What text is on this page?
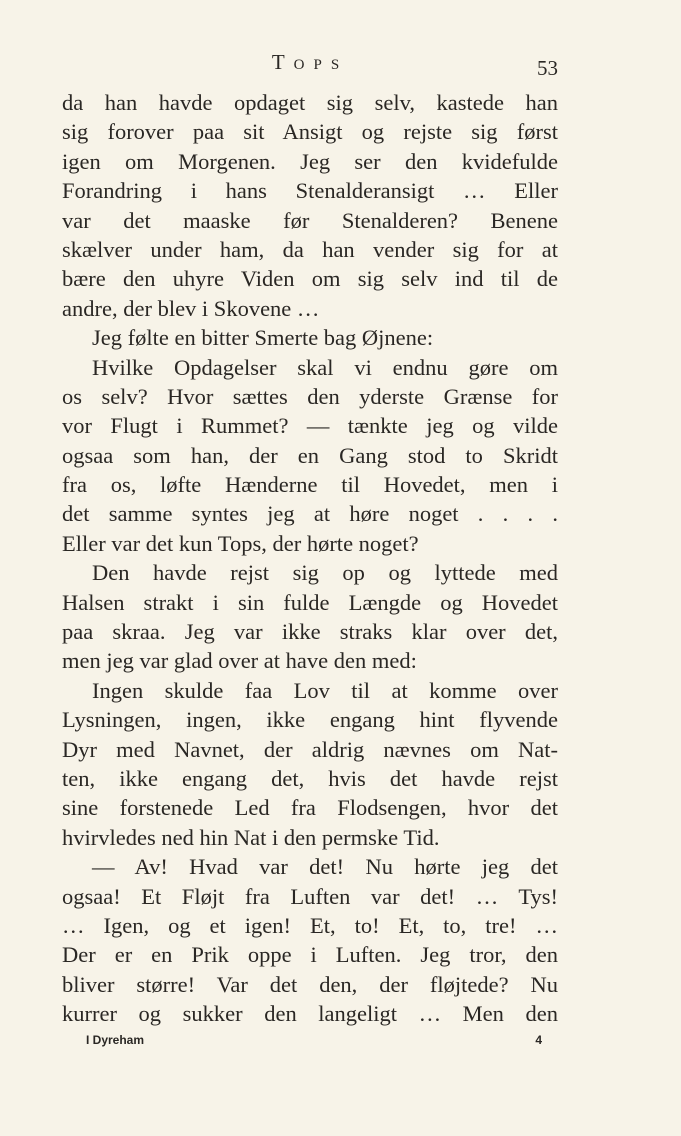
Tops	53
da han havde opdaget sig selv, kastede han
sig forover paa sit Ansigt og rejste sig først
igen om Morgenen. Jeg ser den kvidefulde
Forandring i hans Stenalderansigt … Eller
var det maaske før Stenalderen? Benene
skælver under ham, da han vender sig for at
bære den uhyre Viden om sig selv ind til de
andre, der blev i Skovene …
Jeg følte en bitter Smerte bag Øjnene:
Hvilke Opdagelser skal vi endnu gøre om
os selv? Hvor sættes den yderste Grænse for
vor Flugt i Rummet? — tænkte jeg og vilde
ogsaa som han, der en Gang stod to Skridt
fra os, løfte Hænderne til Hovedet, men i
det samme syntes jeg at høre noget . . . .
Eller var det kun Tops, der hørte noget?
Den havde rejst sig op og lyttede med
Halsen strakt i sin fulde Længde og Hovedet
paa skraa. Jeg var ikke straks klar over det,
men jeg var glad over at have den med:
Ingen skulde faa Lov til at komme over
Lysningen, ingen, ikke engang hint flyvende
Dyr med Navnet, der aldrig nævnes om Nat-
ten, ikke engang det, hvis det havde rejst
sine forstenede Led fra Flodsengen, hvor det
hvirvledes ned hin Nat i den permske Tid.
— Av! Hvad var det! Nu hørte jeg det
ogsaa! Et Fløjt fra Luften var det! … Tys!
… Igen, og et igen! Et, to! Et, to, tre! …
Der er en Prik oppe i Luften. Jeg tror, den
bliver større! Var det den, der fløjtede? Nu
kurrer og sukker den langeligt … Men den
I Dyreham	4
